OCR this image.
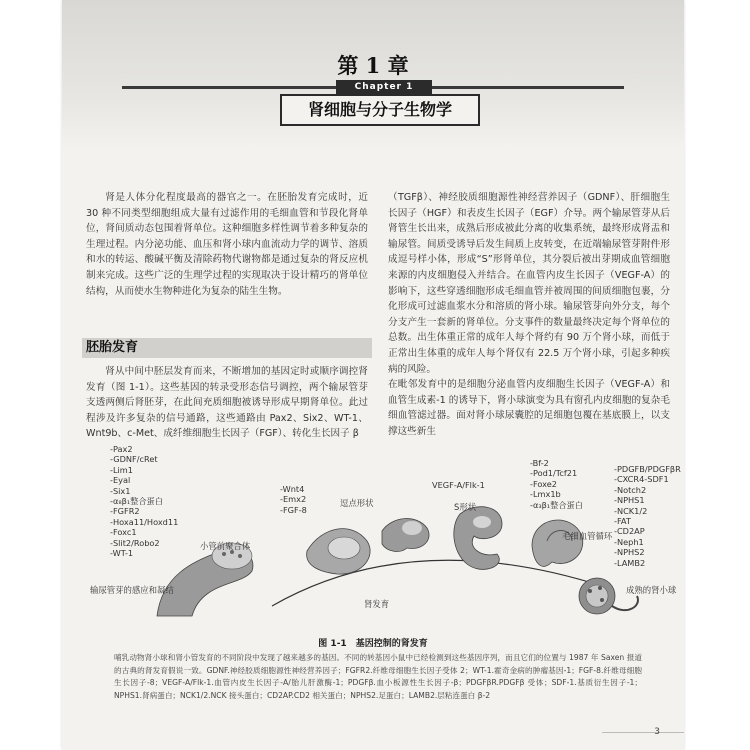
第 1 章
Chapter 1
肾细胞与分子生物学
肾是人体分化程度最高的器官之一。在胚胎发育完成时，近 30 种不同类型细胞组成大量有过滤作用的毛细血管和节段化肾单位，肾间质动态包围着肾单位。这种细胞多样性调节着多种复杂的生理过程。内分泌功能、血压和肾小球内血流动力学的调节、溶质和水的转运、酸碱平衡及清除药物代谢物都是通过复杂的肾反应机制来完成。这些广泛的生理学过程的实现取决于设计精巧的肾单位结构，从而使水生物种进化为复杂的陆生生物。
胚胎发育
肾从中间中胚层发育而来，不断增加的基因定时或顺序调控肾发育（图 1-1）。这些基因的转录受形态信号调控，两个输尿管芽支透两侧后肾胚芽，在此间充质细胞被诱导形成早期肾单位。此过程涉及许多复杂的信号通路，这些通路由 Pax2、Six2、WT-1、Wnt9b、c-Met、成纤维细胞生长因子（FGF）、转化生长因子 β
（TGFβ）、神经胶质细胞源性神经营养因子（GDNF）、肝细胞生长因子（HGF）和表皮生长因子（EGF）介导。两个输尿管芽从后肾管生长出来，成熟后形成被此分离的收集系统，最终形成肾盂和输尿管。间质受诱导后发生间质上皮转变，在近端输尿管芽附件形成逗号样小体，形成“S”形肾单位，其分裂后被出芽期成血管细胞来源的内皮细胞侵入并结合。在血管内皮生长因子（VEGF-A）的影响下，这些穿透细胞形成毛细血管并被周围的间质细胞包裹，分化形成可过滤血浆水分和溶质的肾小球。输尿管芽向外分支，每个分支产生一套新的肾单位。分支事件的数量最终决定每个肾单位的总数。出生体重正常的成年人每个肾约有 90 万个肾小球，而低于正常出生体重的成年人每个肾仅有 22.5 万个肾小球，引起多种疾病的风险。
在毗邻发育中的是细胞分泌血管内皮细胞生长因子（VEGF-A）和血管生成素-1 的诱导下，肾小球演变为具有窗孔内皮细胞的复杂毛细血管滤过器。面对肾小球尿囊腔的足细胞包覆在基底膜上，以支撑这些新生
-Pax2
-GDNF/cRet
-Lim1
-Eyal
-Six1
-α₈β₁整合蛋白
-FGFR2
-Hoxa11/Hoxd11
-Foxc1
-Slit2/Robo2
-WT-1
-Wnt4
-Emx2
-FGF-8
VEGF-A/Flk-1
-Bf-2
-Pod1/Tcf21
-Foxe2
-Lmx1b
-α₃β₁整合蛋白
-PDGFB/PDGFβR
-CXCR4-SDF1
-Notch2
-NPHS1
-NCK1/2
-FAT
-CD2AP
-Neph1
-NPHS2
-LAMB2
小管前聚合体
逗点形状	S形状
毛细血管循环
成熟的肾小球
输尿管芽的感应和凝结
肾发育
图 1-1　基因控制的肾发育
哺乳动物肾小球和肾小管发育的不同阶段中发现了越来越多的基因。不同的转基因小鼠中已经检测到这些基因序列，而且它们的位置与 1987 年 Saxen 报道的古典的肾发育假说一致。GDNF.神经胶质细胞源性神经营养因子；FGFR2.纤维母细胞生长因子受体 2；WT-1.霍奇金病的肿瘤基因-1；FGF-8.纤维母细胞生长因子-8；VEGF-A/Flk-1.血管内皮生长因子-A/胎儿肝激酶-1；PDGFβ.血小板源性生长因子-β；PDGFβR.PDGFβ 受体；SDF-1.基质衍生因子-1；NPHS1.肾病蛋白；NCK1/2.NCK 接头蛋白；CD2AP.CD2 相关蛋白；NPHS2.足蛋白；LAMB2.层粘连蛋白 β-2
3
